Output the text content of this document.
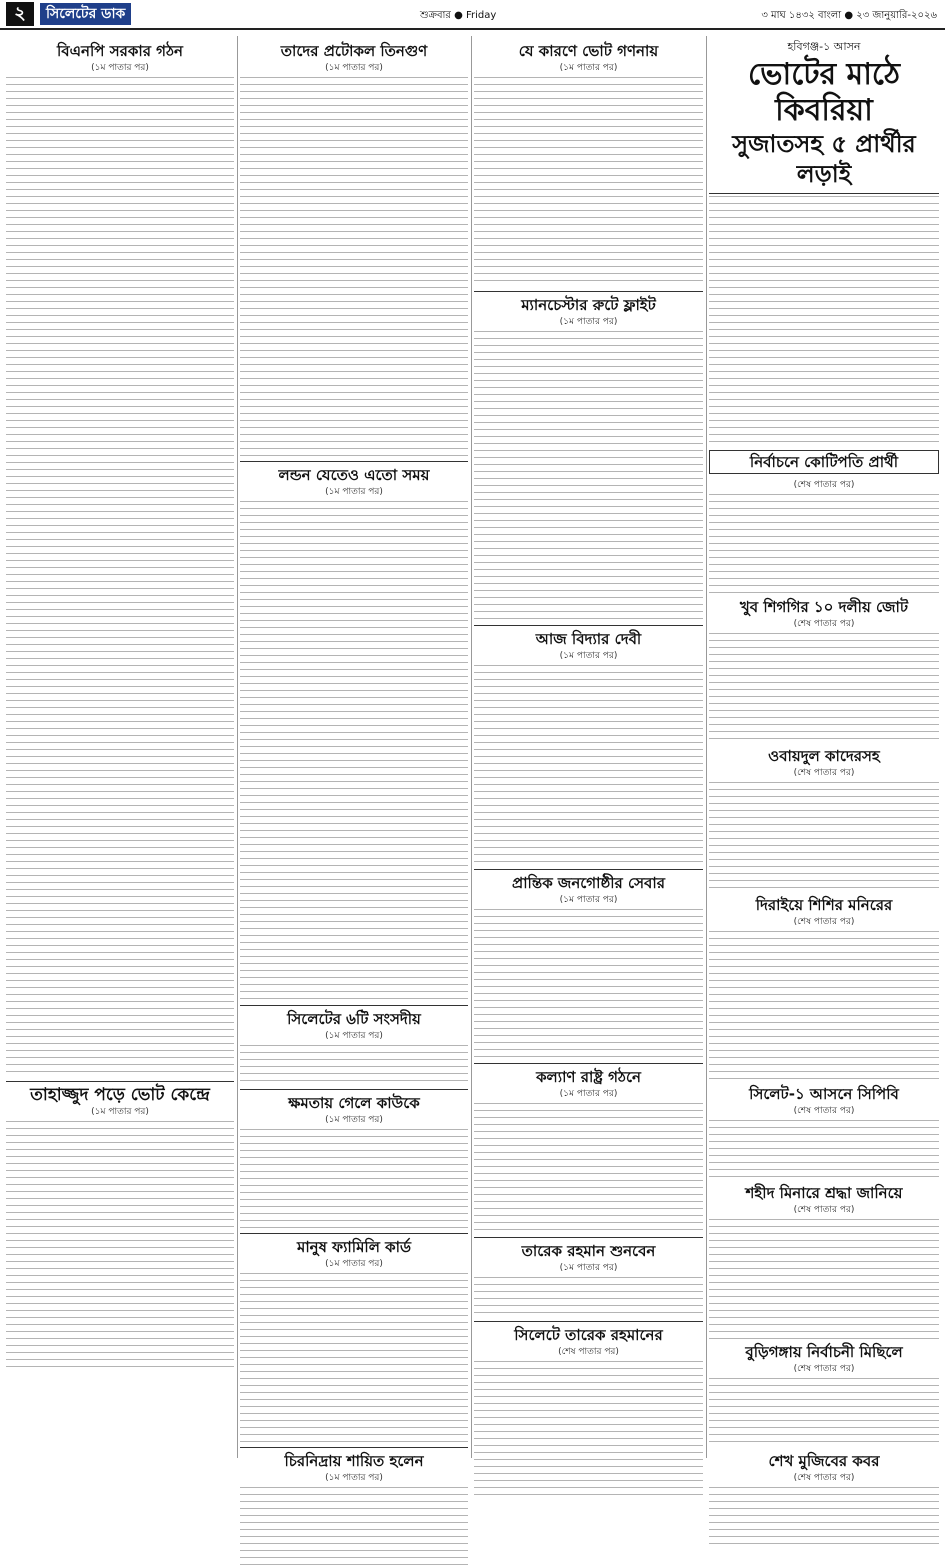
২	সিলেটের ডাক	শুক্রবার ● Friday	৩ মাঘ ১৪৩২ বাংলা ● ২৩ জানুয়ারি-২০২৬
বিএনপি সরকার গঠন
(১ম পাতার পর)
তাহাজ্জুদ পড়ে ভোট কেন্দ্রে
(১ম পাতার পর)
তাদের প্রটোকল তিনগুণ
(১ম পাতার পর)
লন্ডন যেতেও এতো সময়
(১ম পাতার পর)
সিলেটের ৬টি সংসদীয়
(১ম পাতার পর)
ক্ষমতায় গেলে কাউকে
(১ম পাতার পর)
মানুষ ফ্যামিলি কার্ড
(১ম পাতার পর)
চিরনিদ্রায় শায়িত হলেন
(১ম পাতার পর)
যে কারণে ভোট গণনায়
(১ম পাতার পর)
ম্যানচেস্টার রুটে ফ্লাইট
(১ম পাতার পর)
আজ বিদ্যার দেবী
(১ম পাতার পর)
প্রান্তিক জনগোষ্ঠীর সেবার
(১ম পাতার পর)
কল্যাণ রাষ্ট্র গঠনে
(১ম পাতার পর)
তারেক রহমান শুনবেন
(১ম পাতার পর)
সিলেটে তারেক রহমানের
(শেষ পাতার পর)
হবিগঞ্জ-১ আসন
ভোটের মাঠে কিবরিয়া
সুজাতসহ ৫ প্রার্থীর লড়াই
নির্বাচনে কোটিপতি প্রার্থী
(শেষ পাতার পর)
খুব শিগগির ১০ দলীয় জোট
(শেষ পাতার পর)
ওবায়দুল কাদেরসহ
(শেষ পাতার পর)
দিরাইয়ে শিশির মনিরের
(শেষ পাতার পর)
সিলেট-১ আসনে সিপিবি
(শেষ পাতার পর)
শহীদ মিনারে শ্রদ্ধা জানিয়ে
(শেষ পাতার পর)
বুড়িগঙ্গায় নির্বাচনী মিছিলে
(শেষ পাতার পর)
শেখ মুজিবের কবর
(শেষ পাতার পর)
